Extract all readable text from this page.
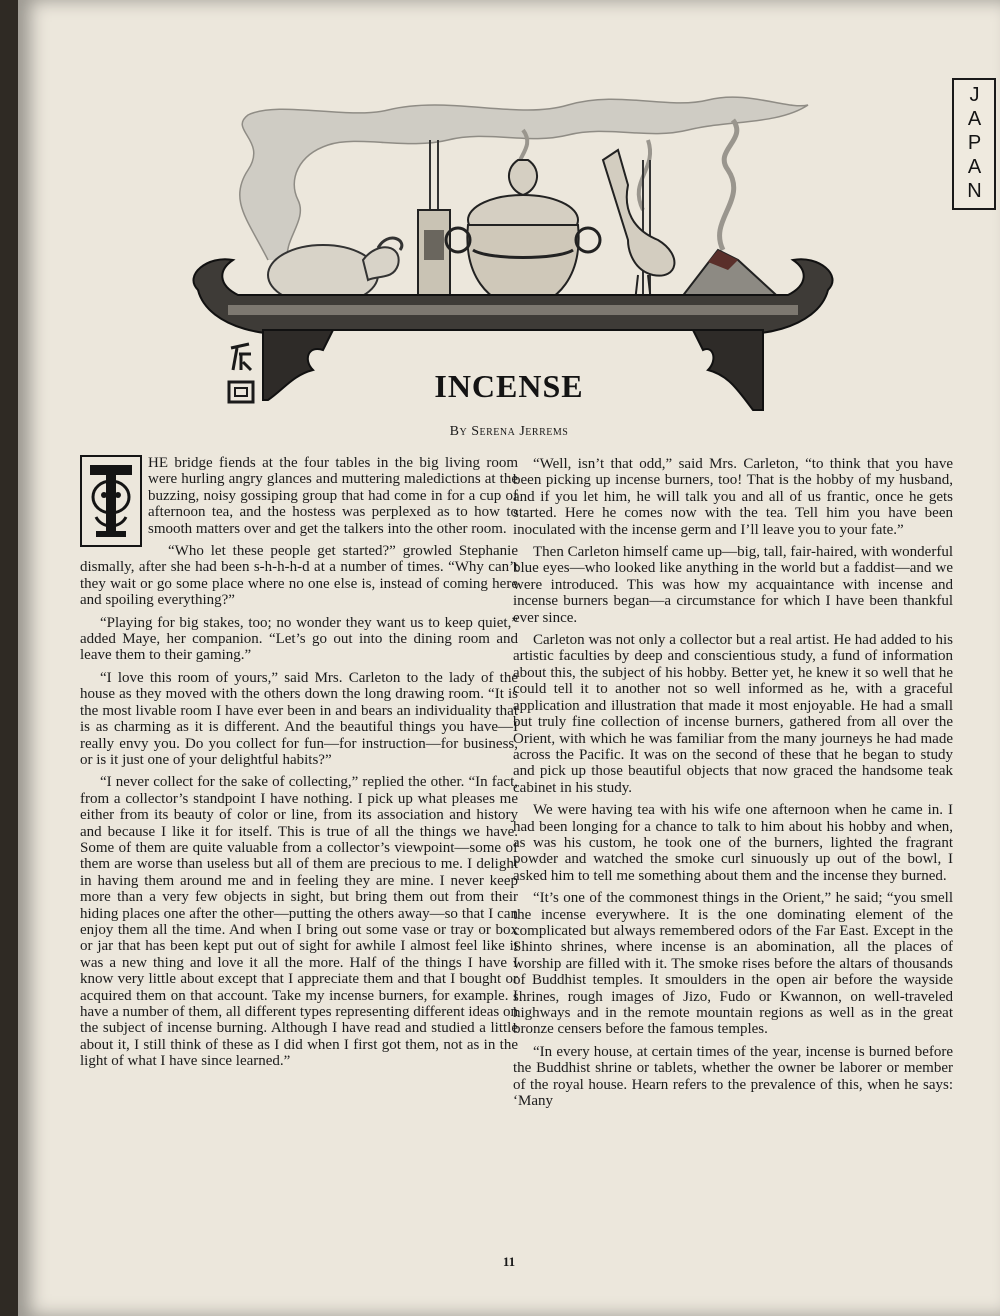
JAPAN
INCENSE
By Serena Jerrems

HE bridge fiends at the four tables in the big living room were hurling angry glances and muttering maledictions at the buzzing, noisy gossiping group that had come in for a cup of afternoon tea, and the hostess was perplexed as to how to smooth matters over and get the talkers into the other room.

“Who let these people get started?” growled Stephanie dismally, after she had been s-h-h-h-d at a number of times. “Why can’t they wait or go some place where no one else is, instead of coming here and spoiling everything?”

“Playing for big stakes, too; no wonder they want us to keep quiet,” added Maye, her companion. “Let’s go out into the dining room and leave them to their gaming.”

“I love this room of yours,” said Mrs. Carleton to the lady of the house as they moved with the others down the long drawing room. “It is the most livable room I have ever been in and bears an individuality that is as charming as it is different. And the beautiful things you have—I really envy you. Do you collect for fun—for instruction—for business, or is it just one of your delightful habits?”

“I never collect for the sake of collecting,” replied the other. “In fact, from a collector’s standpoint I have nothing. I pick up what pleases me either from its beauty of color or line, from its association and history and because I like it for itself. This is true of all the things we have. Some of them are quite valuable from a collector’s viewpoint—some of them are worse than useless but all of them are precious to me. I delight in having them around me and in feeling they are mine. I never keep more than a very few objects in sight, but bring them out from their hiding places one after the other—putting the others away—so that I can enjoy them all the time. And when I bring out some vase or tray or box or jar that has been kept put out of sight for awhile I almost feel like it was a new thing and love it all the more. Half of the things I have I know very little about except that I appreciate them and that I bought or acquired them on that account. Take my incense burners, for example. I have a number of them, all different types representing different ideas on the subject of incense burning. Although I have read and studied a little about it, I still think of these as I did when I first got them, not as in the light of what I have since learned.”

“Well, isn’t that odd,” said Mrs. Carleton, “to think that you have been picking up incense burners, too! That is the hobby of my husband, and if you let him, he will talk you and all of us frantic, once he gets started. Here he comes now with the tea. Tell him you have been inoculated with the incense germ and I’ll leave you to your fate.”

Then Carleton himself came up—big, tall, fair-haired, with wonderful blue eyes—who looked like anything in the world but a faddist—and we were introduced. This was how my acquaintance with incense and incense burners began—a circumstance for which I have been thankful ever since.

Carleton was not only a collector but a real artist. He had added to his artistic faculties by deep and conscientious study, a fund of information about this, the subject of his hobby. Better yet, he knew it so well that he could tell it to another not so well informed as he, with a graceful application and illustration that made it most enjoyable. He had a small but truly fine collection of incense burners, gathered from all over the Orient, with which he was familiar from the many journeys he had made across the Pacific. It was on the second of these that he began to study and pick up those beautiful objects that now graced the handsome teak cabinet in his study.

We were having tea with his wife one afternoon when he came in. I had been longing for a chance to talk to him about his hobby and when, as was his custom, he took one of the burners, lighted the fragrant powder and watched the smoke curl sinuously up out of the bowl, I asked him to tell me something about them and the incense they burned.

“It’s one of the commonest things in the Orient,” he said; “you smell the incense everywhere. It is the one dominating element of the complicated but always remembered odors of the Far East. Except in the Shinto shrines, where incense is an abomination, all the places of worship are filled with it. The smoke rises before the altars of thousands of Buddhist temples. It smoulders in the open air before the wayside shrines, rough images of Jizo, Fudo or Kwannon, on well-traveled highways and in the remote mountain regions as well as in the great bronze censers before the famous temples.

“In every house, at certain times of the year, incense is burned before the Buddhist shrine or tablets, whether the owner be laborer or member of the royal house. Hearn refers to the prevalence of this, when he says: ‘Many

11
